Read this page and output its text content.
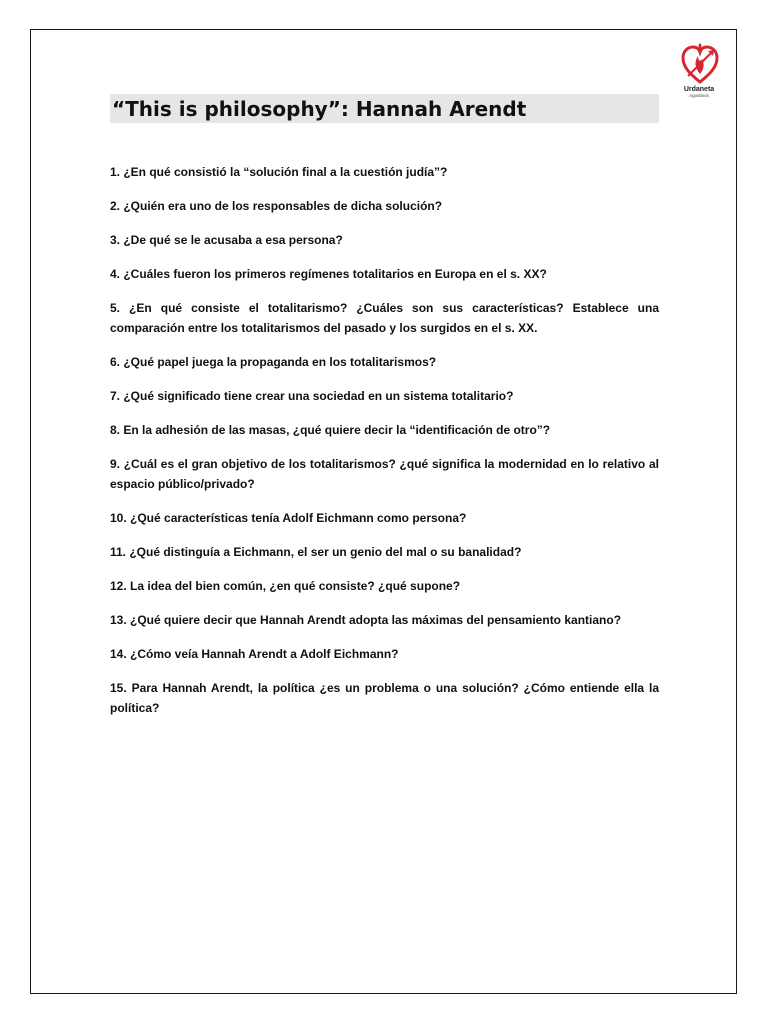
Urdaneta
Agustinos
“This is philosophy”: Hannah Arendt
1. ¿En qué consistió la “solución final a la cuestión judía”?
2. ¿Quién era uno de los responsables de dicha solución?
3. ¿De qué se le acusaba a esa persona?
4. ¿Cuáles fueron los primeros regímenes totalitarios en Europa en el s. XX?
5. ¿En qué consiste el totalitarismo? ¿Cuáles son sus características? Establece una comparación entre los totalitarismos del pasado y los surgidos en el s. XX.
6. ¿Qué papel juega la propaganda en los totalitarismos?
7. ¿Qué significado tiene crear una sociedad en un sistema totalitario?
8. En la adhesión de las masas, ¿qué quiere decir la “identificación de otro”?
9. ¿Cuál es el gran objetivo de los totalitarismos? ¿qué significa la modernidad en lo relativo al espacio público/privado?
10. ¿Qué características tenía Adolf Eichmann como persona?
11. ¿Qué distinguía a Eichmann, el ser un genio del mal o su banalidad?
12. La idea del bien común, ¿en qué consiste? ¿qué supone?
13. ¿Qué quiere decir que Hannah Arendt adopta las máximas del pensamiento kantiano?
14. ¿Cómo veía Hannah Arendt a Adolf Eichmann?
15. Para Hannah Arendt, la política ¿es un problema o una solución? ¿Cómo entiende ella la política?
